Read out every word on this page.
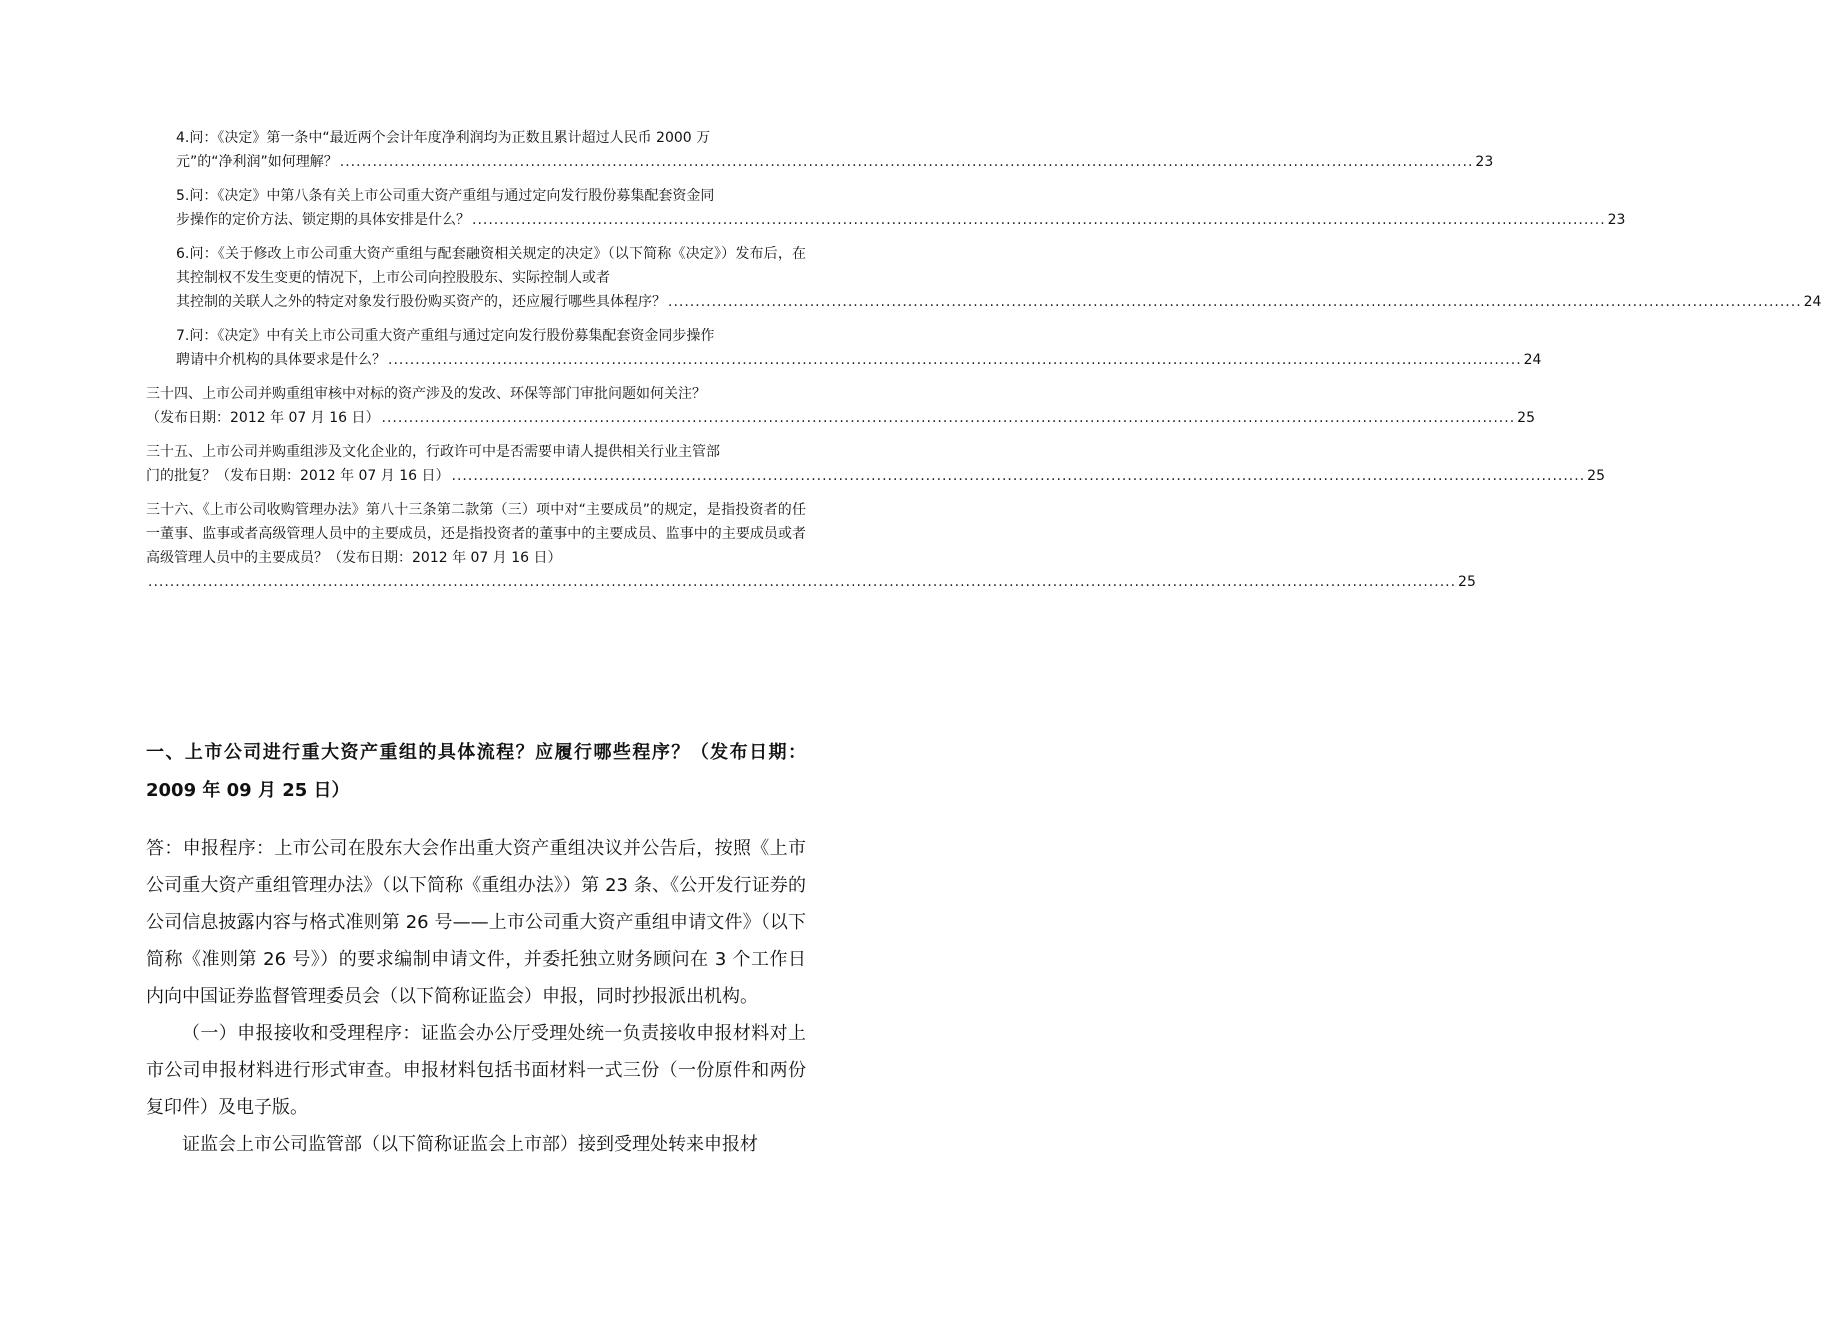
4.问：《决定》第一条中“最近两个会计年度净利润均为正数且累计超过人民币 2000 万
元”的“净利润”如何理解？ ................................................................................................................................................................................................................ 23
5.问：《决定》中第八条有关上市公司重大资产重组与通过定向发行股份募集配套资金同
步操作的定价方法、锁定期的具体安排是什么？ ................................................................................................................................................................................................................ 23
6.问：《关于修改上市公司重大资产重组与配套融资相关规定的决定》（以下简称《决定》）发布后，在其控制权不发生变更的情况下，上市公司向控股股东、实际控制人或者
其控制的关联人之外的特定对象发行股份购买资产的，还应履行哪些具体程序？ ................................................................................................................................................................................................................ 24
7.问：《决定》中有关上市公司重大资产重组与通过定向发行股份募集配套资金同步操作
聘请中介机构的具体要求是什么？ ................................................................................................................................................................................................................ 24
三十四、上市公司并购重组审核中对标的资产涉及的发改、环保等部门审批问题如何关注？
（发布日期：2012 年 07 月 16 日） ................................................................................................................................................................................................................ 25
三十五、上市公司并购重组涉及文化企业的，行政许可中是否需要申请人提供相关行业主管部
门的批复？（发布日期：2012 年 07 月 16 日） ................................................................................................................................................................................................................ 25
三十六、《上市公司收购管理办法》第八十三条第二款第（三）项中对“主要成员”的规定，是指投资者的任一董事、监事或者高级管理人员中的主要成员，还是指投资者的董事中的主要成员、监事中的主要成员或者高级管理人员中的主要成员？（发布日期：2012 年 07 月 16 日）
................................................................................................................................................................................................................................................ 25
一、上市公司进行重大资产重组的具体流程？应履行哪些程序？（发布日期：2009 年 09 月 25 日）

答：申报程序：上市公司在股东大会作出重大资产重组决议并公告后，按照《上市公司重大资产重组管理办法》（以下简称《重组办法》）第 23 条、《公开发行证券的公司信息披露内容与格式准则第 26 号——上市公司重大资产重组申请文件》（以下简称《准则第 26 号》）的要求编制申请文件，并委托独立财务顾问在 3 个工作日内向中国证券监督管理委员会（以下简称证监会）申报，同时抄报派出机构。

（一）申报接收和受理程序：证监会办公厅受理处统一负责接收申报材料对上市公司申报材料进行形式审查。申报材料包括书面材料一式三份（一份原件和两份复印件）及电子版。

证监会上市公司监管部（以下简称证监会上市部）接到受理处转来申报材
